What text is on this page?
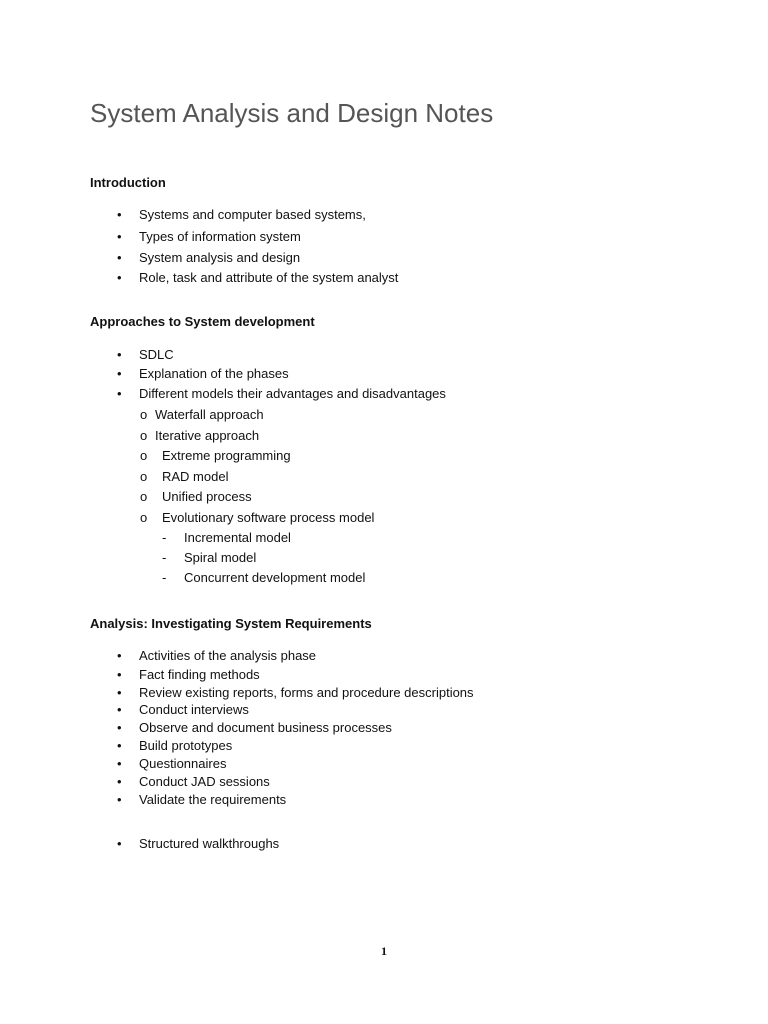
System Analysis and Design Notes
Introduction
• Systems and computer based systems,
• Types of information system
• System analysis and design
• Role, task and attribute of the system analyst
Approaches to System development
• SDLC
• Explanation of the phases
• Different models their advantages and disadvantages
o Waterfall approach
o Iterative approach
o Extreme programming
o RAD model
o Unified process
o Evolutionary software process model
- Incremental model
- Spiral model
- Concurrent development model
Analysis: Investigating System Requirements
• Activities of the analysis phase
• Fact finding methods
• Review existing reports, forms and procedure descriptions
• Conduct interviews
• Observe and document business processes
• Build prototypes
• Questionnaires
• Conduct JAD sessions
• Validate the requirements
• Structured walkthroughs
1
